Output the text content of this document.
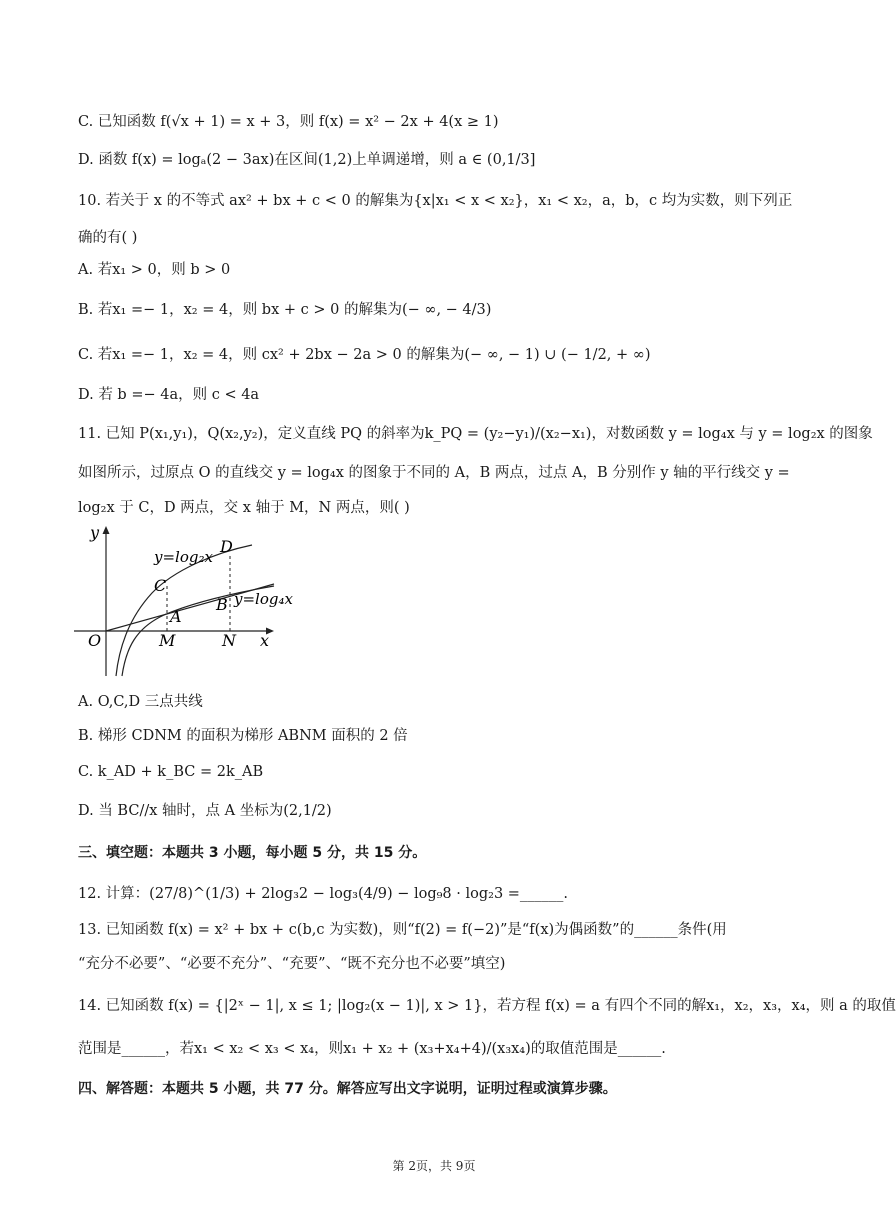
C. 已知函数 f(√x + 1) = x + 3，则 f(x) = x² − 2x + 4(x ≥ 1)
D. 函数 f(x) = logₐ(2 − 3ax)在区间(1,2)上单调递增，则 a ∈ (0,1/3]
10. 若关于 x 的不等式 ax² + bx + c < 0 的解集为{x|x₁ < x < x₂}，x₁ < x₂，a，b，c 均为实数，则下列正
确的有( )
A. 若x₁ > 0，则 b > 0
B. 若x₁ =− 1，x₂ = 4，则 bx + c > 0 的解集为(− ∞, − 4/3)
C. 若x₁ =− 1，x₂ = 4，则 cx² + 2bx − 2a > 0 的解集为(− ∞, − 1) ∪ (− 1/2, + ∞)
D. 若 b =− 4a，则 c < 4a
11. 已知 P(x₁,y₁)，Q(x₂,y₂)，定义直线 PQ 的斜率为k_PQ = (y₂−y₁)/(x₂−x₁)，对数函数 y = log₄x 与 y = log₂x 的图象
如图所示，过原点 O 的直线交 y = log₄x 的图象于不同的 A，B 两点，过点 A，B 分别作 y 轴的平行线交 y =
log₂x 于 C，D 两点，交 x 轴于 M，N 两点，则( )
y
x
O	M	N
A
B
C
D
y=log₂x
y=log₄x
A. O,C,D 三点共线
B. 梯形 CDNM 的面积为梯形 ABNM 面积的 2 倍
C. k_AD + k_BC = 2k_AB
D. 当 BC//x 轴时，点 A 坐标为(2,1/2)
三、填空题：本题共 3 小题，每小题 5 分，共 15 分。
12. 计算：(27/8)^(1/3) + 2log₃2 − log₃(4/9) − log₉8 · log₂3 =______.
13. 已知函数 f(x) = x² + bx + c(b,c 为实数)，则“f(2) = f(−2)”是“f(x)为偶函数”的______条件(用
“充分不必要”、“必要不充分”、“充要”、“既不充分也不必要”填空)
14. 已知函数 f(x) = {|2ˣ − 1|, x ≤ 1; |log₂(x − 1)|, x > 1}，若方程 f(x) = a 有四个不同的解x₁，x₂，x₃，x₄，则 a 的取值
范围是______，若x₁ < x₂ < x₃ < x₄，则x₁ + x₂ + (x₃+x₄+4)/(x₃x₄)的取值范围是______.
四、解答题：本题共 5 小题，共 77 分。解答应写出文字说明，证明过程或演算步骤。
第 2页，共 9页
